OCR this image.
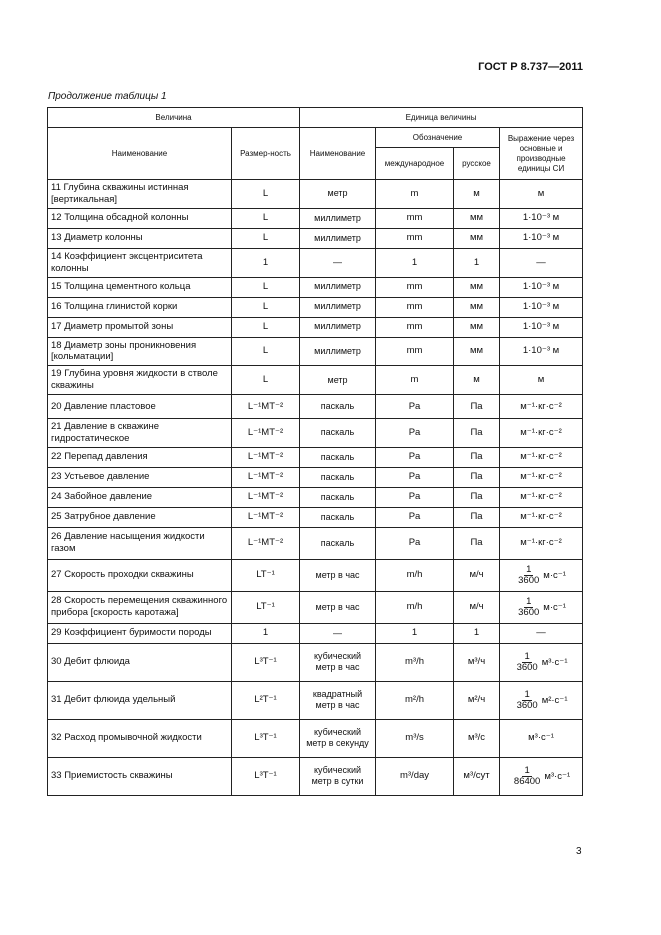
ГОСТ Р 8.737—2011
Продолжение таблицы 1
Величина		Единица величины			
Наименование	Размер-ность	Наименование	Обозначение		Выражение через основные и производные единицы СИ
			международное	русское	
11 Глубина скважины истинная [вертикальная]	L	метр	m	м	м
12 Толщина обсадной колонны	L	миллиметр	mm	мм	1·10⁻³ м
13 Диаметр колонны	L	миллиметр	mm	мм	1·10⁻³ м
14 Коэффициент эксцентриситета колонны	1	—	1	1	—
15 Толщина цементного кольца	L	миллиметр	mm	мм	1·10⁻³ м
16 Толщина глинистой корки	L	миллиметр	mm	мм	1·10⁻³ м
17 Диаметр промытой зоны	L	миллиметр	mm	мм	1·10⁻³ м
18 Диаметр зоны проникновения [кольматации]	L	миллиметр	mm	мм	1·10⁻³ м
19 Глубина уровня жидкости в стволе скважины	L	метр	m	м	м
20 Давление пластовое	L⁻¹MT⁻²	паскаль	Pa	Па	м⁻¹·кг·с⁻²
21 Давление в скважине гидростатическое	L⁻¹MT⁻²	паскаль	Pa	Па	м⁻¹·кг·с⁻²
22 Перепад давления	L⁻¹MT⁻²	паскаль	Pa	Па	м⁻¹·кг·с⁻²
23 Устьевое давление	L⁻¹MT⁻²	паскаль	Pa	Па	м⁻¹·кг·с⁻²
24 Забойное давление	L⁻¹MT⁻²	паскаль	Pa	Па	м⁻¹·кг·с⁻²
25 Затрубное давление	L⁻¹MT⁻²	паскаль	Pa	Па	м⁻¹·кг·с⁻²
26 Давление насыщения жидкости газом	L⁻¹MT⁻²	паскаль	Pa	Па	м⁻¹·кг·с⁻²
27 Скорость проходки скважины	LT⁻¹	метр в час	m/h	м/ч	$\frac{1}{3600} м\cdot с^{-1}$
28 Скорость перемещения скважинного прибора [скорость каротажа]	LT⁻¹	метр в час	m/h	м/ч	$\frac{1}{3600} м\cdot с^{-1}$
29 Коэффициент буримости породы	1	—	1	1	—
30 Дебит флюида	L³T⁻¹	кубический метр в час	m³/h	м³/ч	$\frac{1}{3600} м^3\cdot с^{-1}$
31 Дебит флюида удельный	L²T⁻¹	квадратный метр в час	m²/h	м²/ч	$\frac{1}{3600} м^2\cdot с^{-1}$
32 Расход промывочной жидкости	L³T⁻¹	кубический метр в секунду	m³/s	м³/с	м³·с⁻¹
33 Приемистость скважины	L³T⁻¹	кубический метр в сутки	m³/day	м³/сут	$\frac{1}{86400} м^3\cdot с^{-1}$
3
